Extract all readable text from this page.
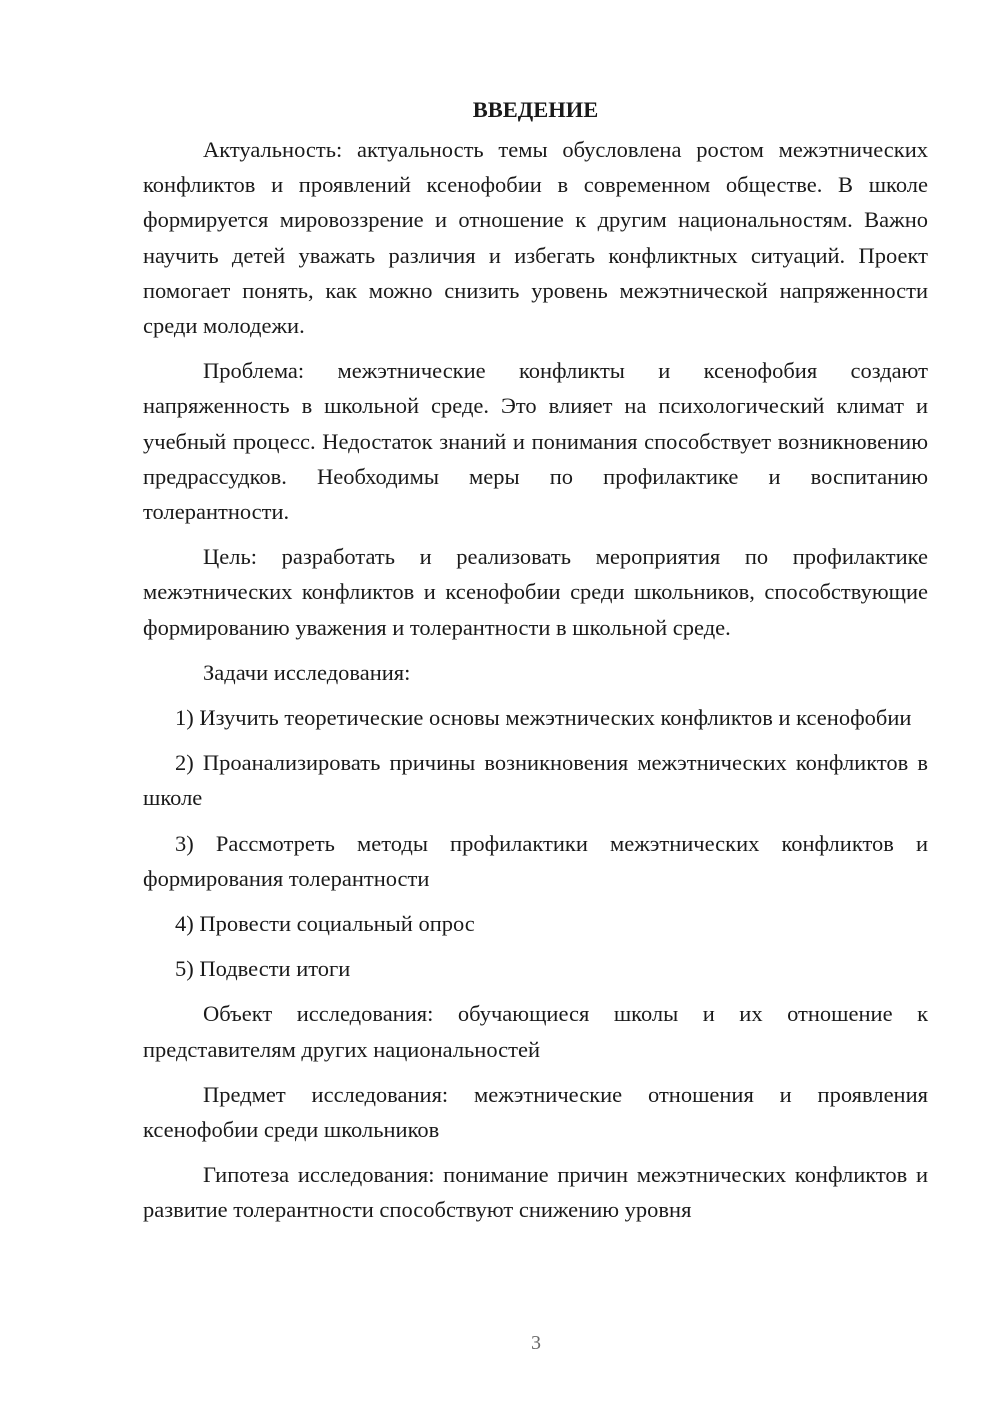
ВВЕДЕНИЕ

Актуальность: актуальность темы обусловлена ростом межэтнических конфликтов и проявлений ксенофобии в современном обществе. В школе формируется мировоззрение и отношение к другим национальностям. Важно научить детей уважать различия и избегать конфликтных ситуаций. Проект помогает понять, как можно снизить уровень межэтнической напряженности среди молодежи.

Проблема: межэтнические конфликты и ксенофобия создают напряженность в школьной среде. Это влияет на психологический климат и учебный процесс. Недостаток знаний и понимания способствует возникновению предрассудков. Необходимы меры по профилактике и воспитанию толерантности.

Цель: разработать и реализовать мероприятия по профилактике межэтнических конфликтов и ксенофобии среди школьников, способствующие формированию уважения и толерантности в школьной среде.

Задачи исследования:

1) Изучить теоретические основы межэтнических конфликтов и ксенофобии

2) Проанализировать причины возникновения межэтнических конфликтов в школе

3) Рассмотреть методы профилактики межэтнических конфликтов и формирования толерантности

4) Провести социальный опрос

5) Подвести итоги

Объект исследования: обучающиеся школы и их отношение к представителям других национальностей

Предмет исследования: межэтнические отношения и проявления ксенофобии среди школьников

Гипотеза исследования: понимание причин межэтнических конфликтов и развитие толерантности способствуют снижению уровня

3
